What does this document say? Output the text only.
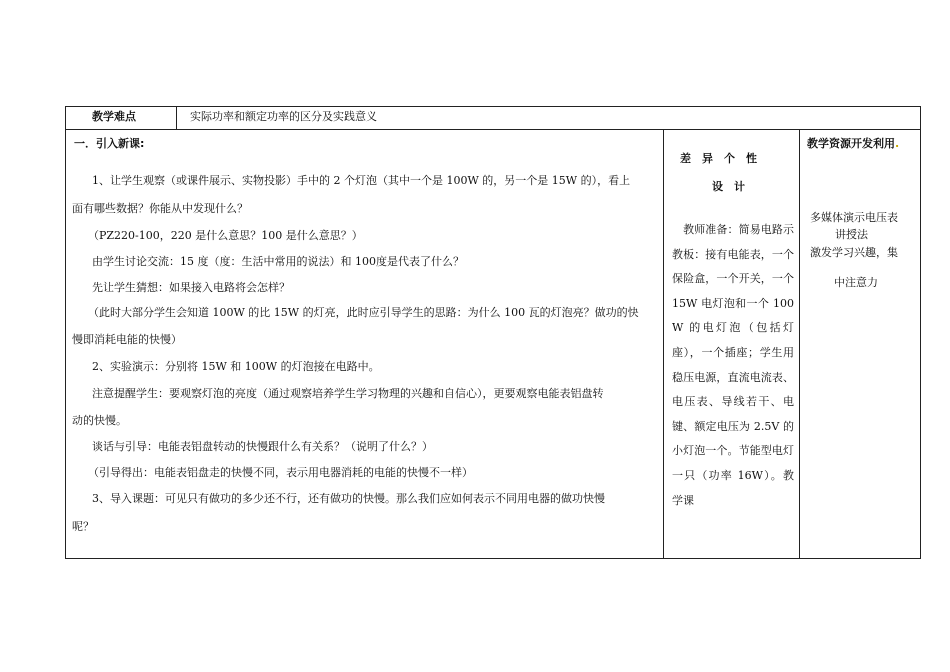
教学难点	实际功率和额定功率的区分及实践意义
一．引入新课:
1、让学生观察（或课件展示、实物投影）手中的 2 个灯泡（其中一个是 100W 的，另一个是 15W 的），看上
面有哪些数据？你能从中发现什么？
（PZ220-100，220 是什么意思？100 是什么意思？）
由学生讨论交流：15 度（度：生活中常用的说法）和 100度是代表了什么？
先让学生猜想：如果接入电路将会怎样？
（此时大部分学生会知道 100W 的比 15W 的灯亮，此时应引导学生的思路：为什么 100 瓦的灯泡亮？做功的快
慢即消耗电能的快慢）
2、实验演示：分别将 15W 和 100W 的灯泡接在电路中。
注意提醒学生：要观察灯泡的亮度（通过观察培养学生学习物理的兴趣和自信心），更要观察电能表铝盘转
动的快慢。
谈话与引导：电能表铝盘转动的快慢跟什么有关系？（说明了什么？）
（引导得出：电能表铝盘走的快慢不同，表示用电器消耗的电能的快慢不一样）
3、导入课题：可见只有做功的多少还不行，还有做功的快慢。那么我们应如何表示不同用电器的做功快慢
呢？
差　异　个　性
设　计
　教师准备：简易电路示教板：接有电能表，一个保险盒，一个开关，一个 15W 电灯泡和一个 100W 的电灯泡（包括灯座），一个插座；学生用稳压电源，直流电流表、电压表、导线若干、电键、额定电压为 2.5V 的小灯泡一个。节能型电灯一只（功率 16W）。教学课
教学资源开发利用.
多媒体演示电压表
讲授法
激发学习兴趣，集
中注意力
